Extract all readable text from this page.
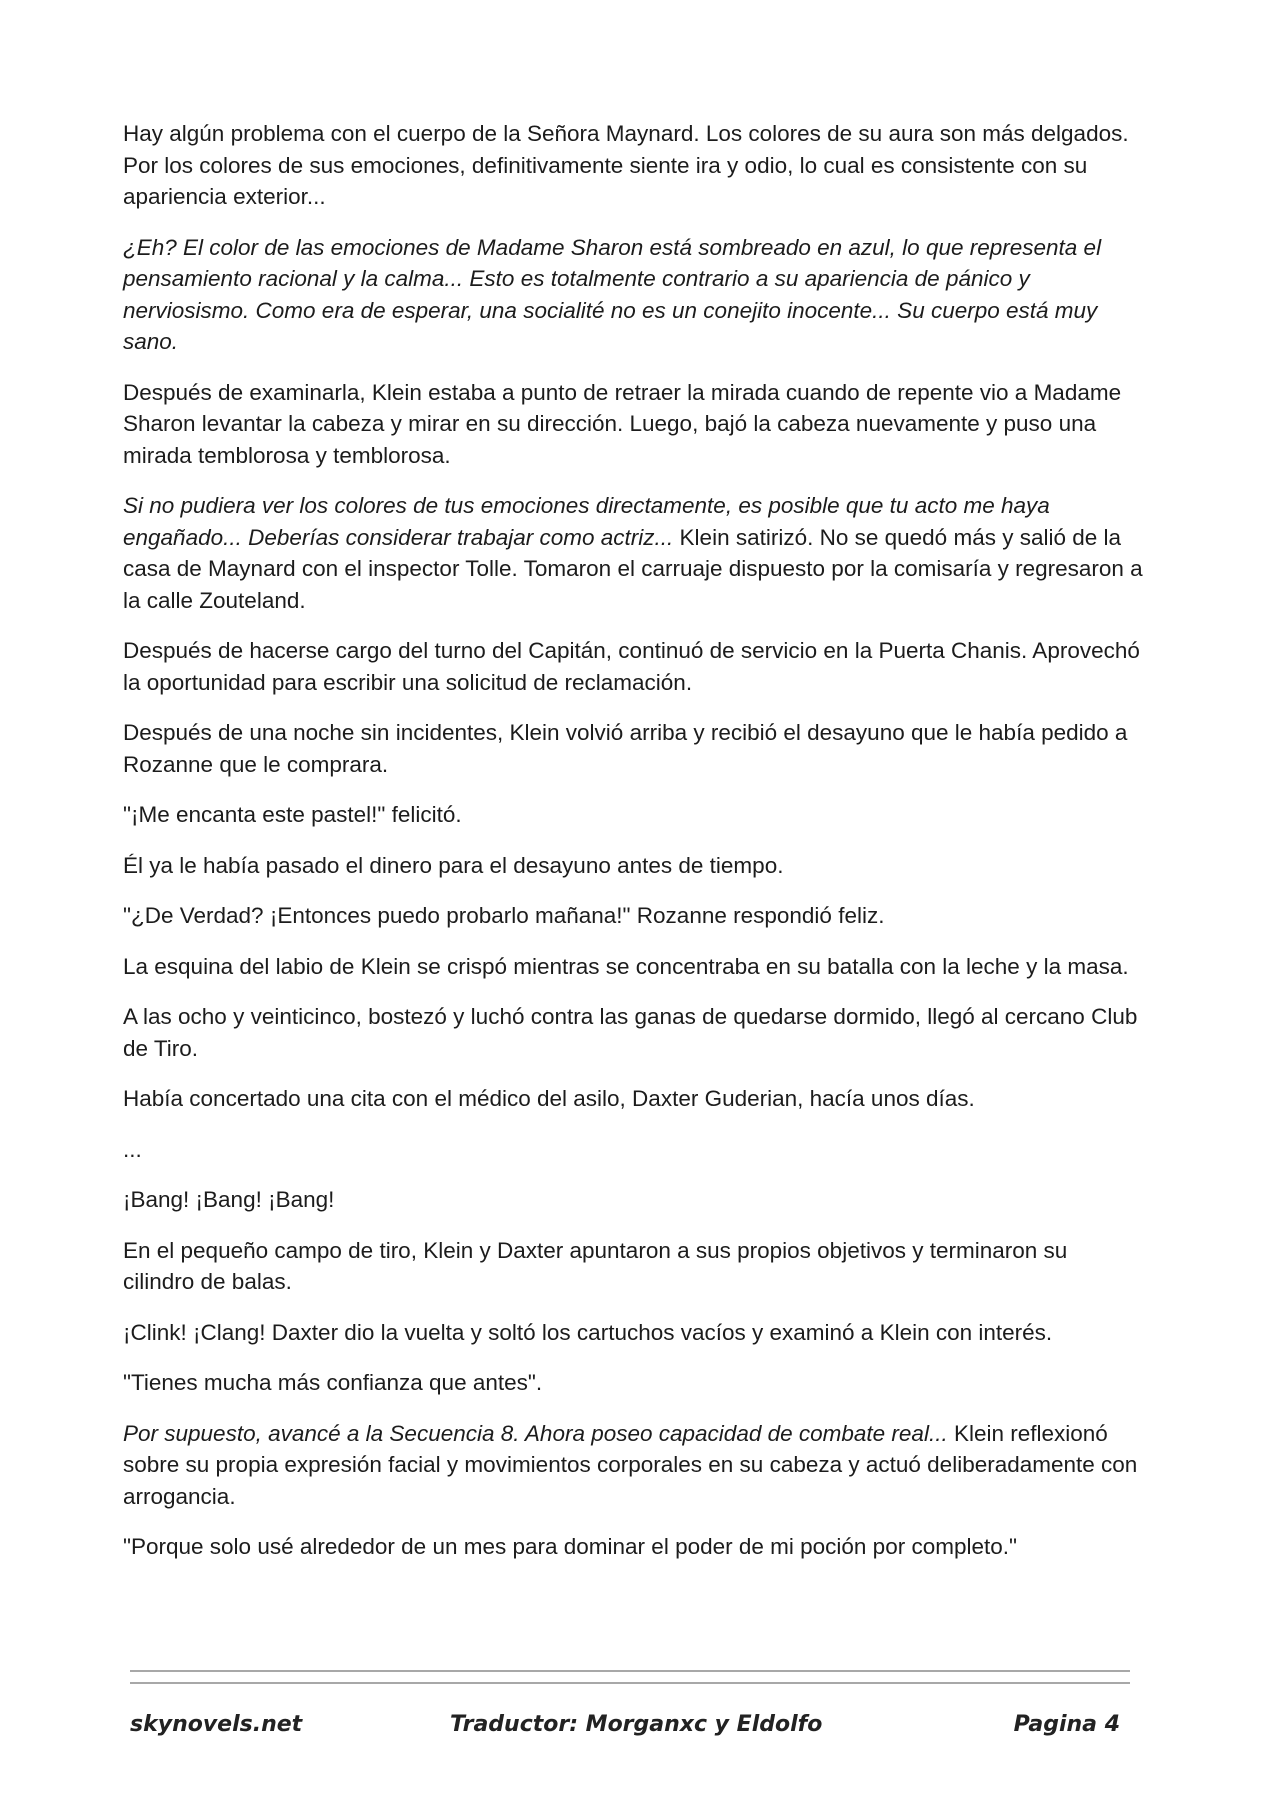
Hay algún problema con el cuerpo de la Señora Maynard. Los colores de su aura son más delgados. Por los colores de sus emociones, definitivamente siente ira y odio, lo cual es consistente con su apariencia exterior...

¿Eh? El color de las emociones de Madame Sharon está sombreado en azul, lo que representa el pensamiento racional y la calma... Esto es totalmente contrario a su apariencia de pánico y nerviosismo. Como era de esperar, una socialité no es un conejito inocente... Su cuerpo está muy sano.

Después de examinarla, Klein estaba a punto de retraer la mirada cuando de repente vio a Madame Sharon levantar la cabeza y mirar en su dirección. Luego, bajó la cabeza nuevamente y puso una mirada temblorosa y temblorosa.

Si no pudiera ver los colores de tus emociones directamente, es posible que tu acto me haya engañado... Deberías considerar trabajar como actriz... Klein satirizó. No se quedó más y salió de la casa de Maynard con el inspector Tolle. Tomaron el carruaje dispuesto por la comisaría y regresaron a la calle Zouteland.

Después de hacerse cargo del turno del Capitán, continuó de servicio en la Puerta Chanis. Aprovechó la oportunidad para escribir una solicitud de reclamación.

Después de una noche sin incidentes, Klein volvió arriba y recibió el desayuno que le había pedido a Rozanne que le comprara.

"¡Me encanta este pastel!" felicitó.

Él ya le había pasado el dinero para el desayuno antes de tiempo.

"¿De Verdad? ¡Entonces puedo probarlo mañana!" Rozanne respondió feliz.

La esquina del labio de Klein se crispó mientras se concentraba en su batalla con la leche y la masa.

A las ocho y veinticinco, bostezó y luchó contra las ganas de quedarse dormido, llegó al cercano Club de Tiro.

Había concertado una cita con el médico del asilo, Daxter Guderian, hacía unos días.

...

¡Bang! ¡Bang! ¡Bang!

En el pequeño campo de tiro, Klein y Daxter apuntaron a sus propios objetivos y terminaron su cilindro de balas.

¡Clink! ¡Clang! Daxter dio la vuelta y soltó los cartuchos vacíos y examinó a Klein con interés.

"Tienes mucha más confianza que antes".

Por supuesto, avancé a la Secuencia 8. Ahora poseo capacidad de combate real... Klein reflexionó sobre su propia expresión facial y movimientos corporales en su cabeza y actuó deliberadamente con arrogancia.

"Porque solo usé alrededor de un mes para dominar el poder de mi poción por completo."

skynovels.net	Traductor: Morganxc y Eldolfo	Pagina 4
